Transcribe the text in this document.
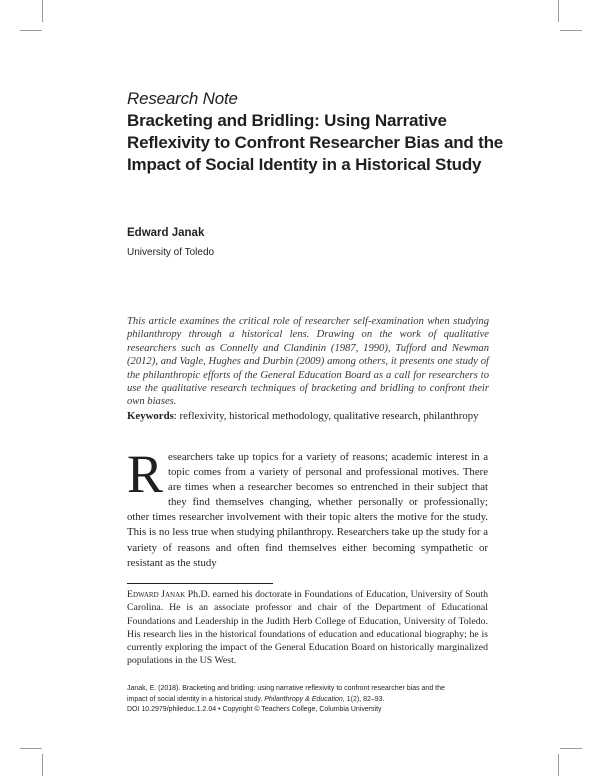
Research Note
Bracketing and Bridling: Using Narrative Reflexivity to Confront Researcher Bias and the Impact of Social Identity in a Historical Study
Edward Janak
University of Toledo
This article examines the critical role of researcher self-examination when studying philanthropy through a historical lens. Drawing on the work of qualitative researchers such as Connelly and Clandinin (1987, 1990), Tufford and Newman (2012), and Vagle, Hughes and Durbin (2009) among others, it presents one study of the philanthropic efforts of the General Education Board as a call for researchers to use the qualitative research techniques of bracketing and bridling to confront their own biases.
Keywords: reflexivity, historical methodology, qualitative research, philanthropy
Researchers take up topics for a variety of reasons; academic interest in a topic comes from a variety of personal and professional motives. There are times when a researcher becomes so entrenched in their subject that they find themselves changing, whether personally or professionally; other times researcher involvement with their topic alters the motive for the study. This is no less true when studying philanthropy. Researchers take up the study for a variety of reasons and often find themselves either becoming sympathetic or resistant as the study
Edward Janak Ph.D. earned his doctorate in Foundations of Education, University of South Carolina. He is an associate professor and chair of the Department of Educational Foundations and Leadership in the Judith Herb College of Education, University of Toledo. His research lies in the historical foundations of education and educational biography; he is currently exploring the impact of the General Education Board on historically marginalized populations in the US West.
Janak, E. (2018). Bracketing and bridling: using narrative reflexivity to confront researcher bias and the
impact of social identity in a historical study. Philanthropy & Education, 1(2), 82–93.
DOI 10.2979/phileduc.1.2.04 • Copyright © Teachers College, Columbia University
